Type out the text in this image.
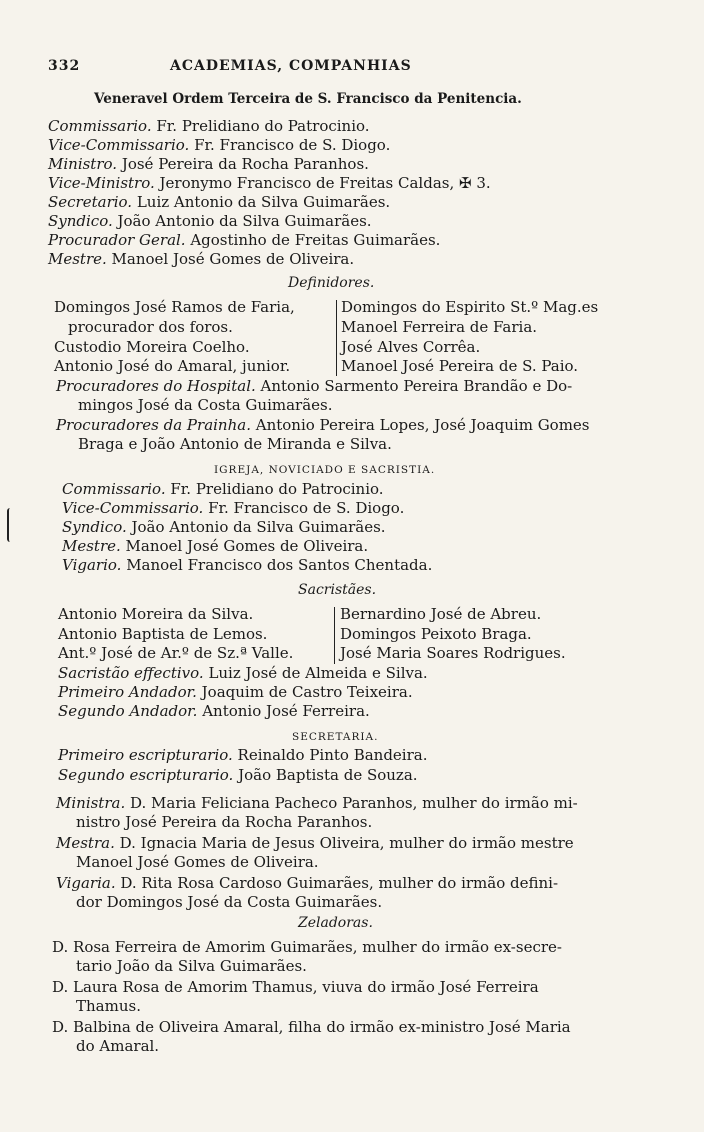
332	ACADEMIAS, COMPANHIAS
Veneravel Ordem Terceira de S. Francisco da Penitencia.
Commissario. Fr. Prelidiano do Patrocinio.
Vice-Commissario. Fr. Francisco de S. Diogo.
Ministro. José Pereira da Rocha Paranhos.
Vice-Ministro. Jeronymo Francisco de Freitas Caldas, ✠ 3.
Secretario. Luiz Antonio da Silva Guimarães.
Syndico. João Antonio da Silva Guimarães.
Procurador Geral. Agostinho de Freitas Guimarães.
Mestre. Manoel José Gomes de Oliveira.
Definidores.
Domingos José Ramos de Faria,
procurador dos foros.
Custodio Moreira Coelho.
Antonio José do Amaral, junior.
Domingos do Espirito St.º Mag.es
Manoel Ferreira de Faria.
José Alves Corrêa.
Manoel José Pereira de S. Paio.
Procuradores do Hospital. Antonio Sarmento Pereira Brandão e Do-
mingos José da Costa Guimarães.
Procuradores da Prainha. Antonio Pereira Lopes, José Joaquim Gomes
Braga e João Antonio de Miranda e Silva.
IGREJA, NOVICIADO E SACRISTIA.
Commissario. Fr. Prelidiano do Patrocinio.
Vice-Commissario. Fr. Francisco de S. Diogo.
Syndico. João Antonio da Silva Guimarães.
Mestre. Manoel José Gomes de Oliveira.
Vigario. Manoel Francisco dos Santos Chentada.
Sacristães.
Antonio Moreira da Silva.
Antonio Baptista de Lemos.
Ant.º José de Ar.º de Sz.ª Valle.
Bernardino José de Abreu.
Domingos Peixoto Braga.
José Maria Soares Rodrigues.
Sacristão effectivo. Luiz José de Almeida e Silva.
Primeiro Andador. Joaquim de Castro Teixeira.
Segundo Andador. Antonio José Ferreira.
SECRETARIA.
Primeiro escripturario. Reinaldo Pinto Bandeira.
Segundo escripturario. João Baptista de Souza.
Ministra. D. Maria Feliciana Pacheco Paranhos, mulher do irmão mi-
nistro José Pereira da Rocha Paranhos.
Mestra. D. Ignacia Maria de Jesus Oliveira, mulher do irmão mestre
Manoel José Gomes de Oliveira.
Vigaria. D. Rita Rosa Cardoso Guimarães, mulher do irmão defini-
dor Domingos José da Costa Guimarães.
Zeladoras.
D. Rosa Ferreira de Amorim Guimarães, mulher do irmão ex-secre-
tario João da Silva Guimarães.
D. Laura Rosa de Amorim Thamus, viuva do irmão José Ferreira
Thamus.
D. Balbina de Oliveira Amaral, filha do irmão ex-ministro José Maria
do Amaral.
